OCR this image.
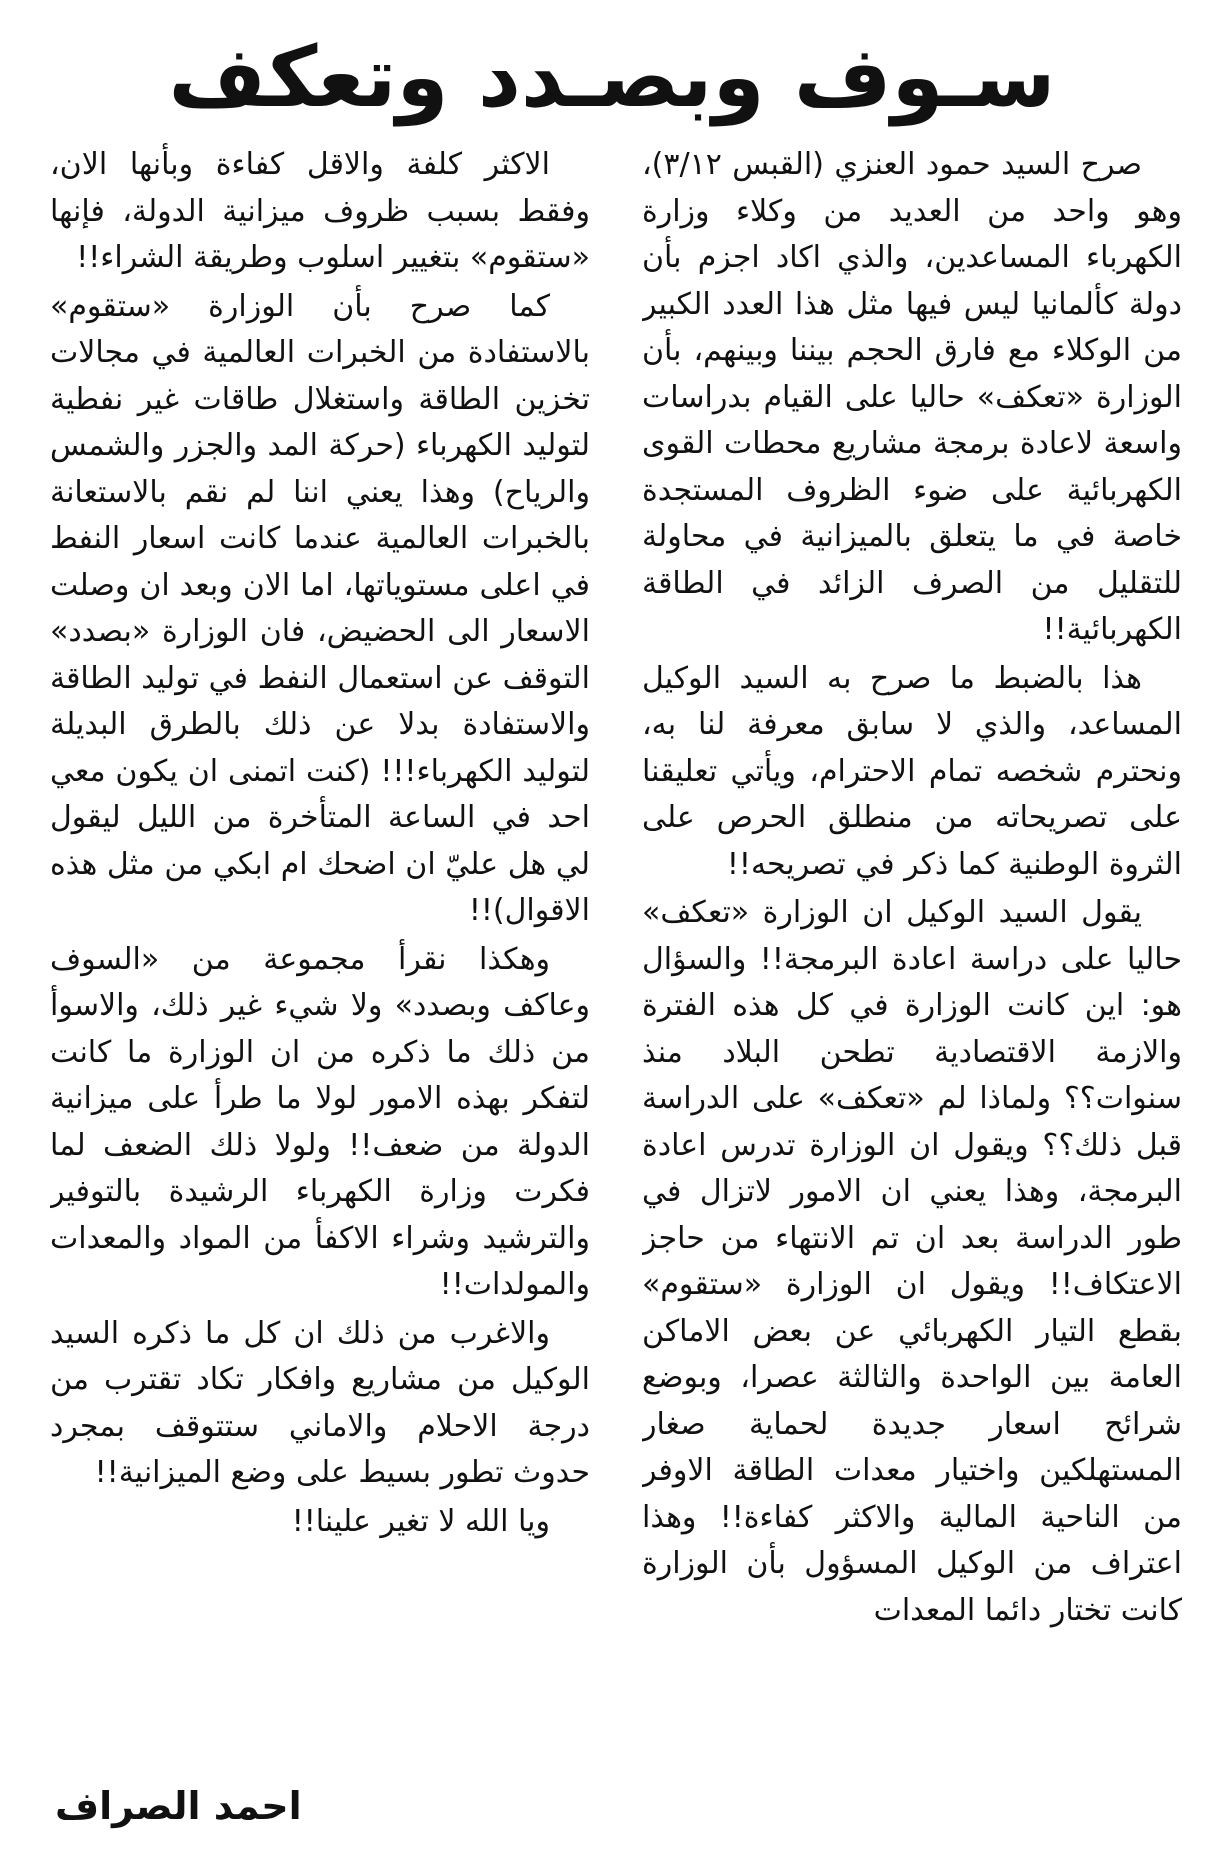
سـوف وبصـدد وتعكف

صرح السيد حمود العنزي (القبس ٣/١٢)، وهو واحد من العديد من وكلاء وزارة الكهرباء المساعدين، والذي اكاد اجزم بأن دولة كألمانيا ليس فيها مثل هذا العدد الكبير من الوكلاء مع فارق الحجم بيننا وبينهم، بأن الوزارة «تعكف» حاليا على القيام بدراسات واسعة لاعادة برمجة مشاريع محطات القوى الكهربائية على ضوء الظروف المستجدة خاصة في ما يتعلق بالميزانية في محاولة للتقليل من الصرف الزائد في الطاقة الكهربائية!!

هذا بالضبط ما صرح به السيد الوكيل المساعد، والذي لا سابق معرفة لنا به، ونحترم شخصه تمام الاحترام، ويأتي تعليقنا على تصريحاته من منطلق الحرص على الثروة الوطنية كما ذكر في تصريحه!!

يقول السيد الوكيل ان الوزارة «تعكف» حاليا على دراسة اعادة البرمجة!! والسؤال هو: اين كانت الوزارة في كل هذه الفترة والازمة الاقتصادية تطحن البلاد منذ سنوات؟؟ ولماذا لم «تعكف» على الدراسة قبل ذلك؟؟ ويقول ان الوزارة تدرس اعادة البرمجة، وهذا يعني ان الامور لاتزال في طور الدراسة بعد ان تم الانتهاء من حاجز الاعتكاف!! ويقول ان الوزارة «ستقوم» بقطع التيار الكهربائي عن بعض الاماكن العامة بين الواحدة والثالثة عصرا، وبوضع شرائح اسعار جديدة لحماية صغار المستهلكين واختيار معدات الطاقة الاوفر من الناحية المالية والاكثر كفاءة!! وهذا اعتراف من الوكيل المسؤول بأن الوزارة كانت تختار دائما المعدات

الاكثر كلفة والاقل كفاءة وبأنها الان، وفقط بسبب ظروف ميزانية الدولة، فإنها «ستقوم» بتغيير اسلوب وطريقة الشراء!!

كما صرح بأن الوزارة «ستقوم» بالاستفادة من الخبرات العالمية في مجالات تخزين الطاقة واستغلال طاقات غير نفطية لتوليد الكهرباء (حركة المد والجزر والشمس والرياح) وهذا يعني اننا لم نقم بالاستعانة بالخبرات العالمية عندما كانت اسعار النفط في اعلى مستوياتها، اما الان وبعد ان وصلت الاسعار الى الحضيض، فان الوزارة «بصدد» التوقف عن استعمال النفط في توليد الطاقة والاستفادة بدلا عن ذلك بالطرق البديلة لتوليد الكهرباء!!! (كنت اتمنى ان يكون معي احد في الساعة المتأخرة من الليل ليقول لي هل عليّ ان اضحك ام ابكي من مثل هذه الاقوال)!!

وهكذا نقرأ مجموعة من «السوف وعاكف وبصدد» ولا شيء غير ذلك، والاسوأ من ذلك ما ذكره من ان الوزارة ما كانت لتفكر بهذه الامور لولا ما طرأ على ميزانية الدولة من ضعف!! ولولا ذلك الضعف لما فكرت وزارة الكهرباء الرشيدة بالتوفير والترشيد وشراء الاكفأ من المواد والمعدات والمولدات!!

والاغرب من ذلك ان كل ما ذكره السيد الوكيل من مشاريع وافكار تكاد تقترب من درجة الاحلام والاماني ستتوقف بمجرد حدوث تطور بسيط على وضع الميزانية!!

ويا الله لا تغير علينا!!

احمد الصراف
